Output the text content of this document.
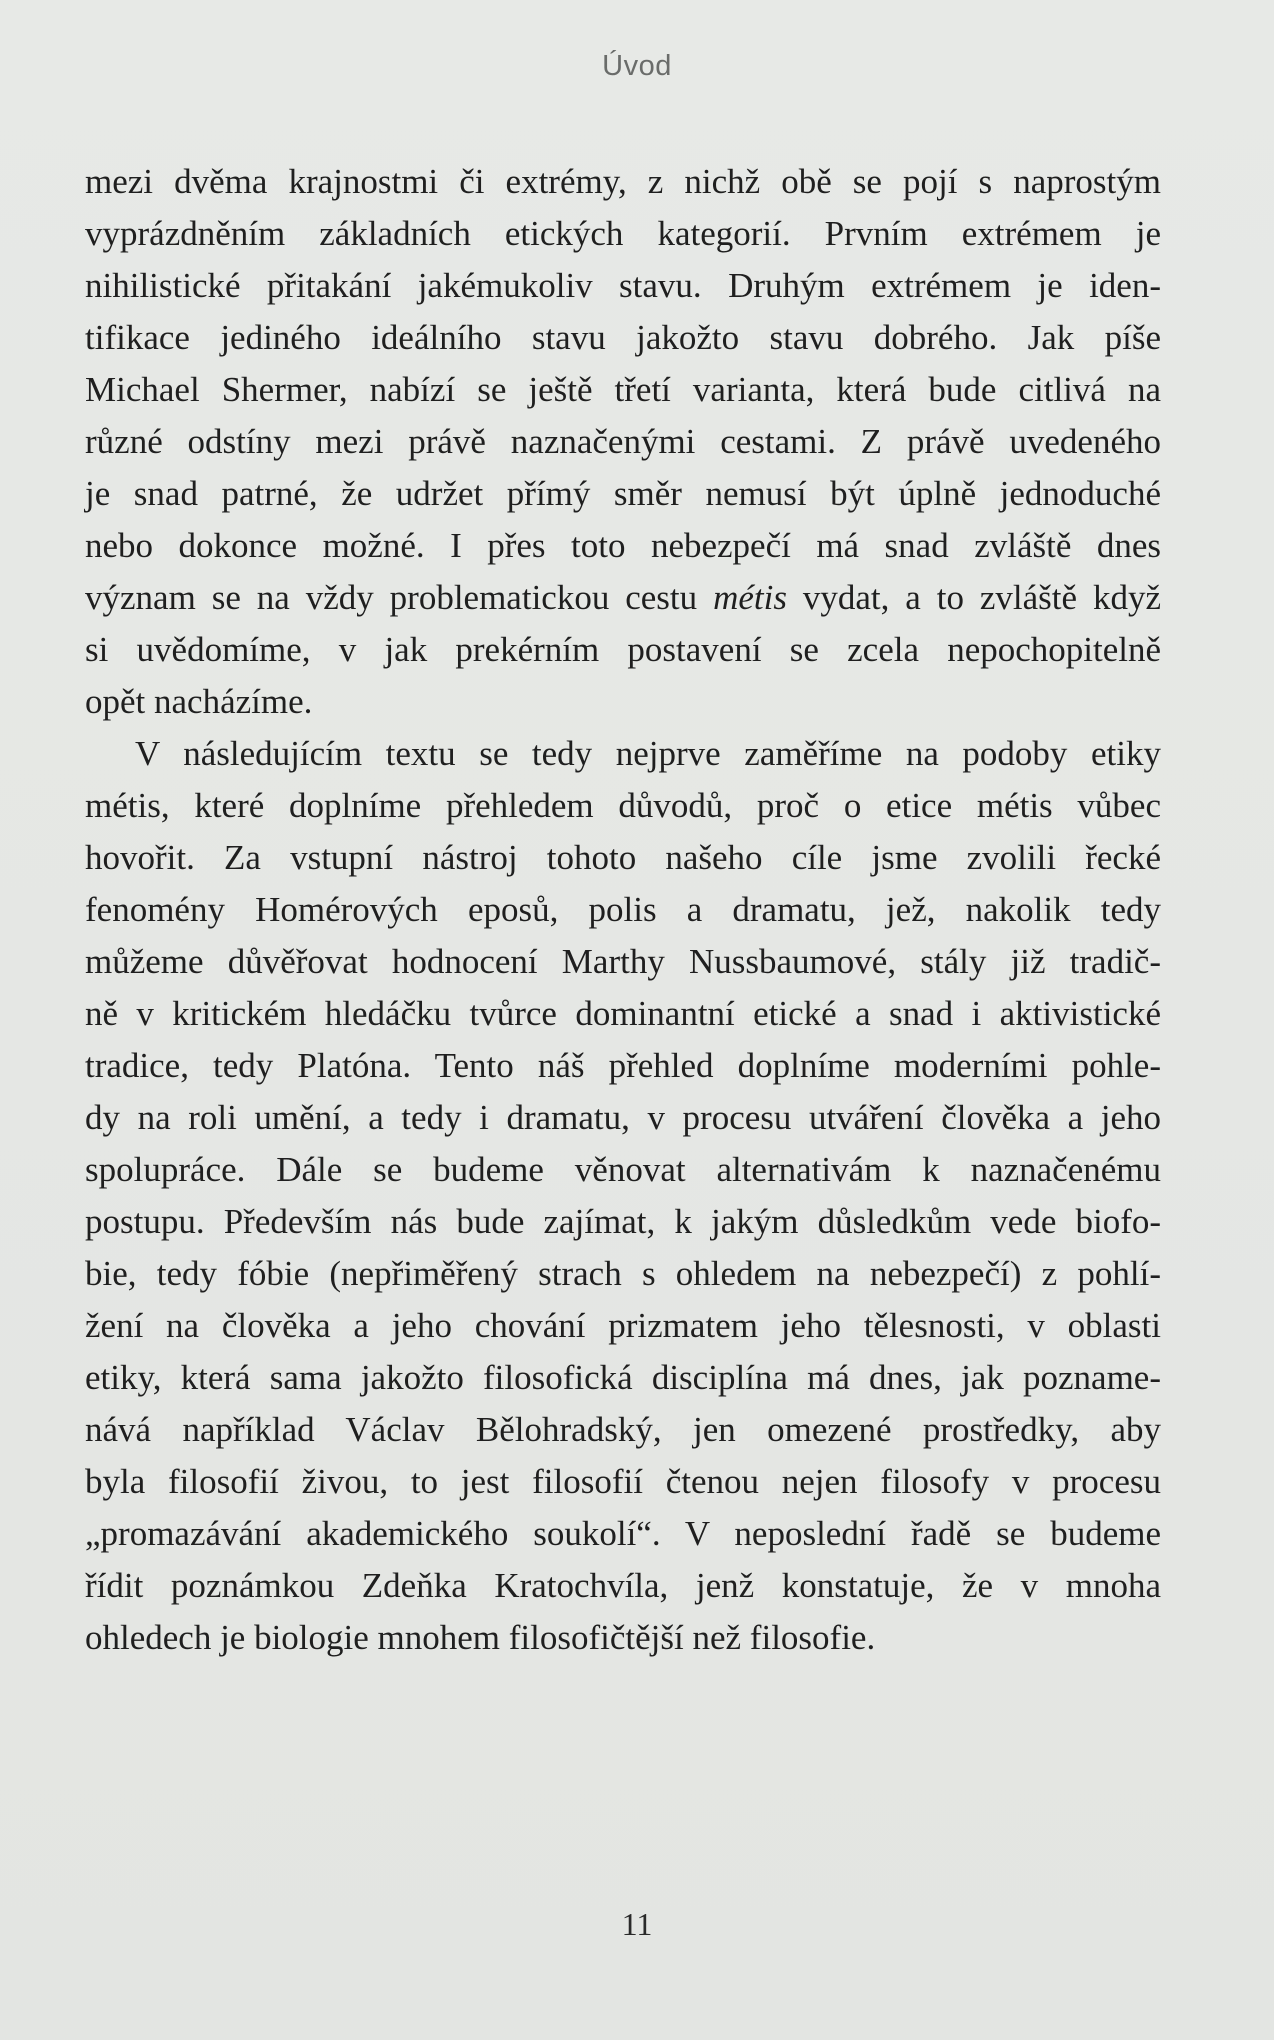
Úvod
mezi dvěma krajnostmi či extrémy, z nichž obě se pojí s naprostým
vyprázdněním základních etických kategorií. Prvním extrémem je
nihilistické přitakání jakémukoliv stavu. Druhým extrémem je iden-
tifikace jediného ideálního stavu jakožto stavu dobrého. Jak píše
Michael Shermer, nabízí se ještě třetí varianta, která bude citlivá na
různé odstíny mezi právě naznačenými cestami. Z právě uvedeného
je snad patrné, že udržet přímý směr nemusí být úplně jednoduché
nebo dokonce možné. I přes toto nebezpečí má snad zvláště dnes
význam se na vždy problematickou cestu métis vydat, a to zvláště když
si uvědomíme, v jak prekérním postavení se zcela nepochopitelně
opět nacházíme.
V následujícím textu se tedy nejprve zaměříme na podoby etiky
métis, které doplníme přehledem důvodů, proč o etice métis vůbec
hovořit. Za vstupní nástroj tohoto našeho cíle jsme zvolili řecké
fenomény Homérových eposů, polis a dramatu, jež, nakolik tedy
můžeme důvěřovat hodnocení Marthy Nussbaumové, stály již tradič-
ně v kritickém hledáčku tvůrce dominantní etické a snad i aktivistické
tradice, tedy Platóna. Tento náš přehled doplníme moderními pohle-
dy na roli umění, a tedy i dramatu, v procesu utváření člověka a jeho
spolupráce. Dále se budeme věnovat alternativám k naznačenému
postupu. Především nás bude zajímat, k jakým důsledkům vede biofo-
bie, tedy fóbie (nepřiměřený strach s ohledem na nebezpečí) z pohlí-
žení na člověka a jeho chování prizmatem jeho tělesnosti, v oblasti
etiky, která sama jakožto filosofická disciplína má dnes, jak pozname-
nává například Václav Bělohradský, jen omezené prostředky, aby
byla filosofií živou, to jest filosofií čtenou nejen filosofy v procesu
„promazávání akademického soukolí“. V neposlední řadě se budeme
řídit poznámkou Zdeňka Kratochvíla, jenž konstatuje, že v mnoha
ohledech je biologie mnohem filosofičtější než filosofie.
11
